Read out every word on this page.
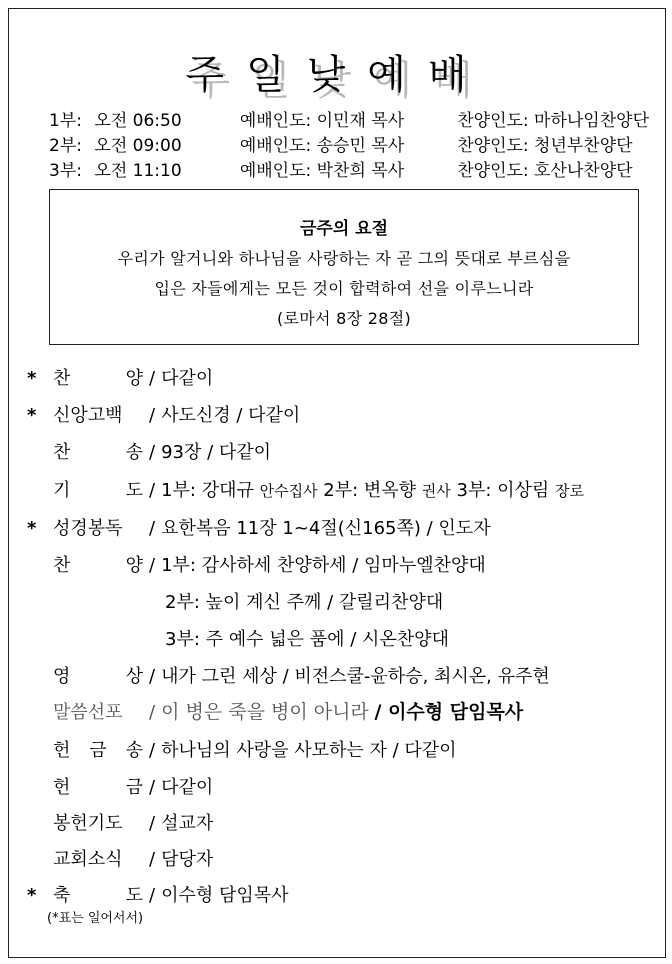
주일낮예배
1부: 오전 06:50	예배인도: 이민재 목사	찬양인도: 마하나임찬양단
2부: 오전 09:00	예배인도: 송승민 목사	찬양인도: 청년부찬양단
3부: 오전 11:10	예배인도: 박찬희 목사	찬양인도: 호산나찬양단
금주의 요절
우리가 알거니와 하나님을 사랑하는 자 곧 그의 뜻대로 부르심을
입은 자들에게는 모든 것이 합력하여 선을 이루느니라
(로마서 8장 28절)
* 찬　　양 / 다같이
* 신앙고백 / 사도신경 / 다같이
찬　　송 / 93장 / 다같이
기　　도 / 1부: 강대규 안수집사 2부: 변옥향 권사 3부: 이상림 장로
* 성경봉독 / 요한복음 11장 1~4절(신165쪽) / 인도자
찬　　양 / 1부: 감사하세 찬양하세 / 임마누엘찬양대
2부: 높이 계신 주께 / 갈릴리찬양대
3부: 주 예수 넓은 품에 / 시온찬양대
영　　상 / 내가 그린 세상 / 비전스쿨-윤하승, 최시온, 유주현
말씀선포 / 이 병은 죽을 병이 아니라 / 이수형 담임목사
헌 금 송 / 하나님의 사랑을 사모하는 자 / 다같이
헌　　금 / 다같이
봉헌기도 / 설교자
교회소식 / 담당자
* 축　　도 / 이수형 담임목사
(*표는 일어서서)
